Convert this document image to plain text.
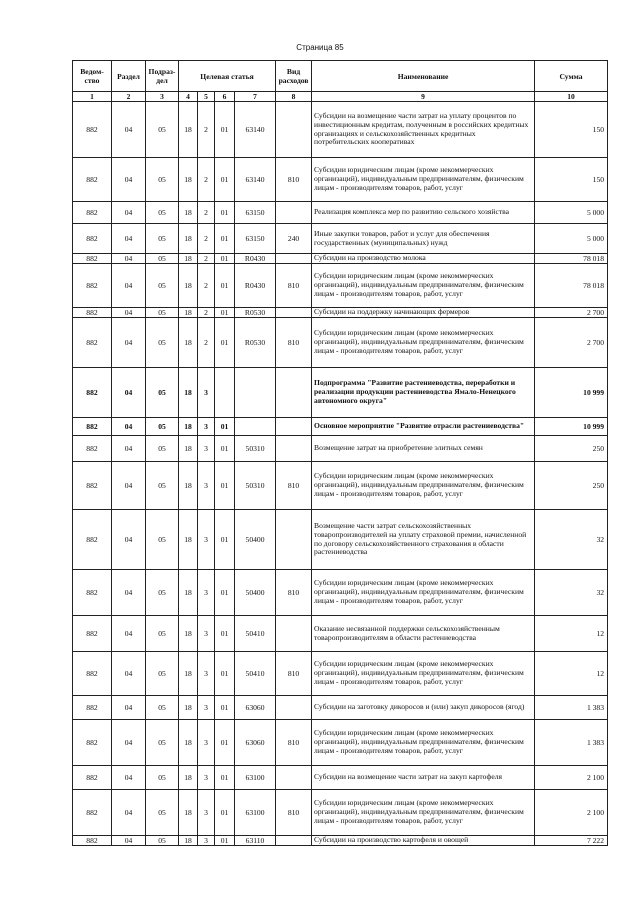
Страница 85
Ведом-ство	Раздел	Подраз-дел	Целевая статья				Вид расходов	Наименование	Сумма
1	2	3	4	5	6	7	8	9	10
882	04	05	18	2	01	63140		Субсидии на возмещение части затрат на уплату процентов по инвестиционным кредитам, полученным в российских кредитных организациях и сельскохозяйственных кредитных потребительских кооперативах	150
882	04	05	18	2	01	63140	810	Субсидии юридическим лицам (кроме некоммерческих организаций), индивидуальным предпринимателям, физическим лицам - производителям товаров, работ, услуг	150
882	04	05	18	2	01	63150		Реализация комплекса мер по развитию сельского хозяйства	5 000
882	04	05	18	2	01	63150	240	Иные закупки товаров, работ и услуг для обеспечения государственных (муниципальных) нужд	5 000
882	04	05	18	2	01	R0430		Субсидии на производство молока	78 018
882	04	05	18	2	01	R0430	810	Субсидии юридическим лицам (кроме некоммерческих организаций), индивидуальным предпринимателям, физическим лицам - производителям товаров, работ, услуг	78 018
882	04	05	18	2	01	R0530		Субсидии на поддержку начинающих фермеров	2 700
882	04	05	18	2	01	R0530	810	Субсидии юридическим лицам (кроме некоммерческих организаций), индивидуальным предпринимателям, физическим лицам - производителям товаров, работ, услуг	2 700
882	04	05	18	3				Подпрограмма "Развитие растениеводства, переработки и реализации продукции растениеводства Ямало-Ненецкого автономного округа"	10 999
882	04	05	18	3	01			Основное мероприятие "Развитие отрасли растениеводства"	10 999
882	04	05	18	3	01	50310		Возмещение затрат на приобретение элитных семян	250
882	04	05	18	3	01	50310	810	Субсидии юридическим лицам (кроме некоммерческих организаций), индивидуальным предпринимателям, физическим лицам - производителям товаров, работ, услуг	250
882	04	05	18	3	01	50400		Возмещение части затрат сельскохозяйственных товаропроизводителей на уплату страховой премии, начисленной по договору сельскохозяйственного страхования в области растениеводства	32
882	04	05	18	3	01	50400	810	Субсидии юридическим лицам (кроме некоммерческих организаций), индивидуальным предпринимателям, физическим лицам - производителям товаров, работ, услуг	32
882	04	05	18	3	01	50410		Оказание несвязанной поддержки сельскохозяйственным товаропроизводителям в области растениеводства	12
882	04	05	18	3	01	50410	810	Субсидии юридическим лицам (кроме некоммерческих организаций), индивидуальным предпринимателям, физическим лицам - производителям товаров, работ, услуг	12
882	04	05	18	3	01	63060		Субсидии на заготовку дикоросов и (или) закуп дикоросов (ягод)	1 383
882	04	05	18	3	01	63060	810	Субсидии юридическим лицам (кроме некоммерческих организаций), индивидуальным предпринимателям, физическим лицам - производителям товаров, работ, услуг	1 383
882	04	05	18	3	01	63100		Субсидии на возмещение части затрат на закуп картофеля	2 100
882	04	05	18	3	01	63100	810	Субсидии юридическим лицам (кроме некоммерческих организаций), индивидуальным предпринимателям, физическим лицам - производителям товаров, работ, услуг	2 100
882	04	05	18	3	01	63110		Субсидии на производство картофеля и овощей	7 222
